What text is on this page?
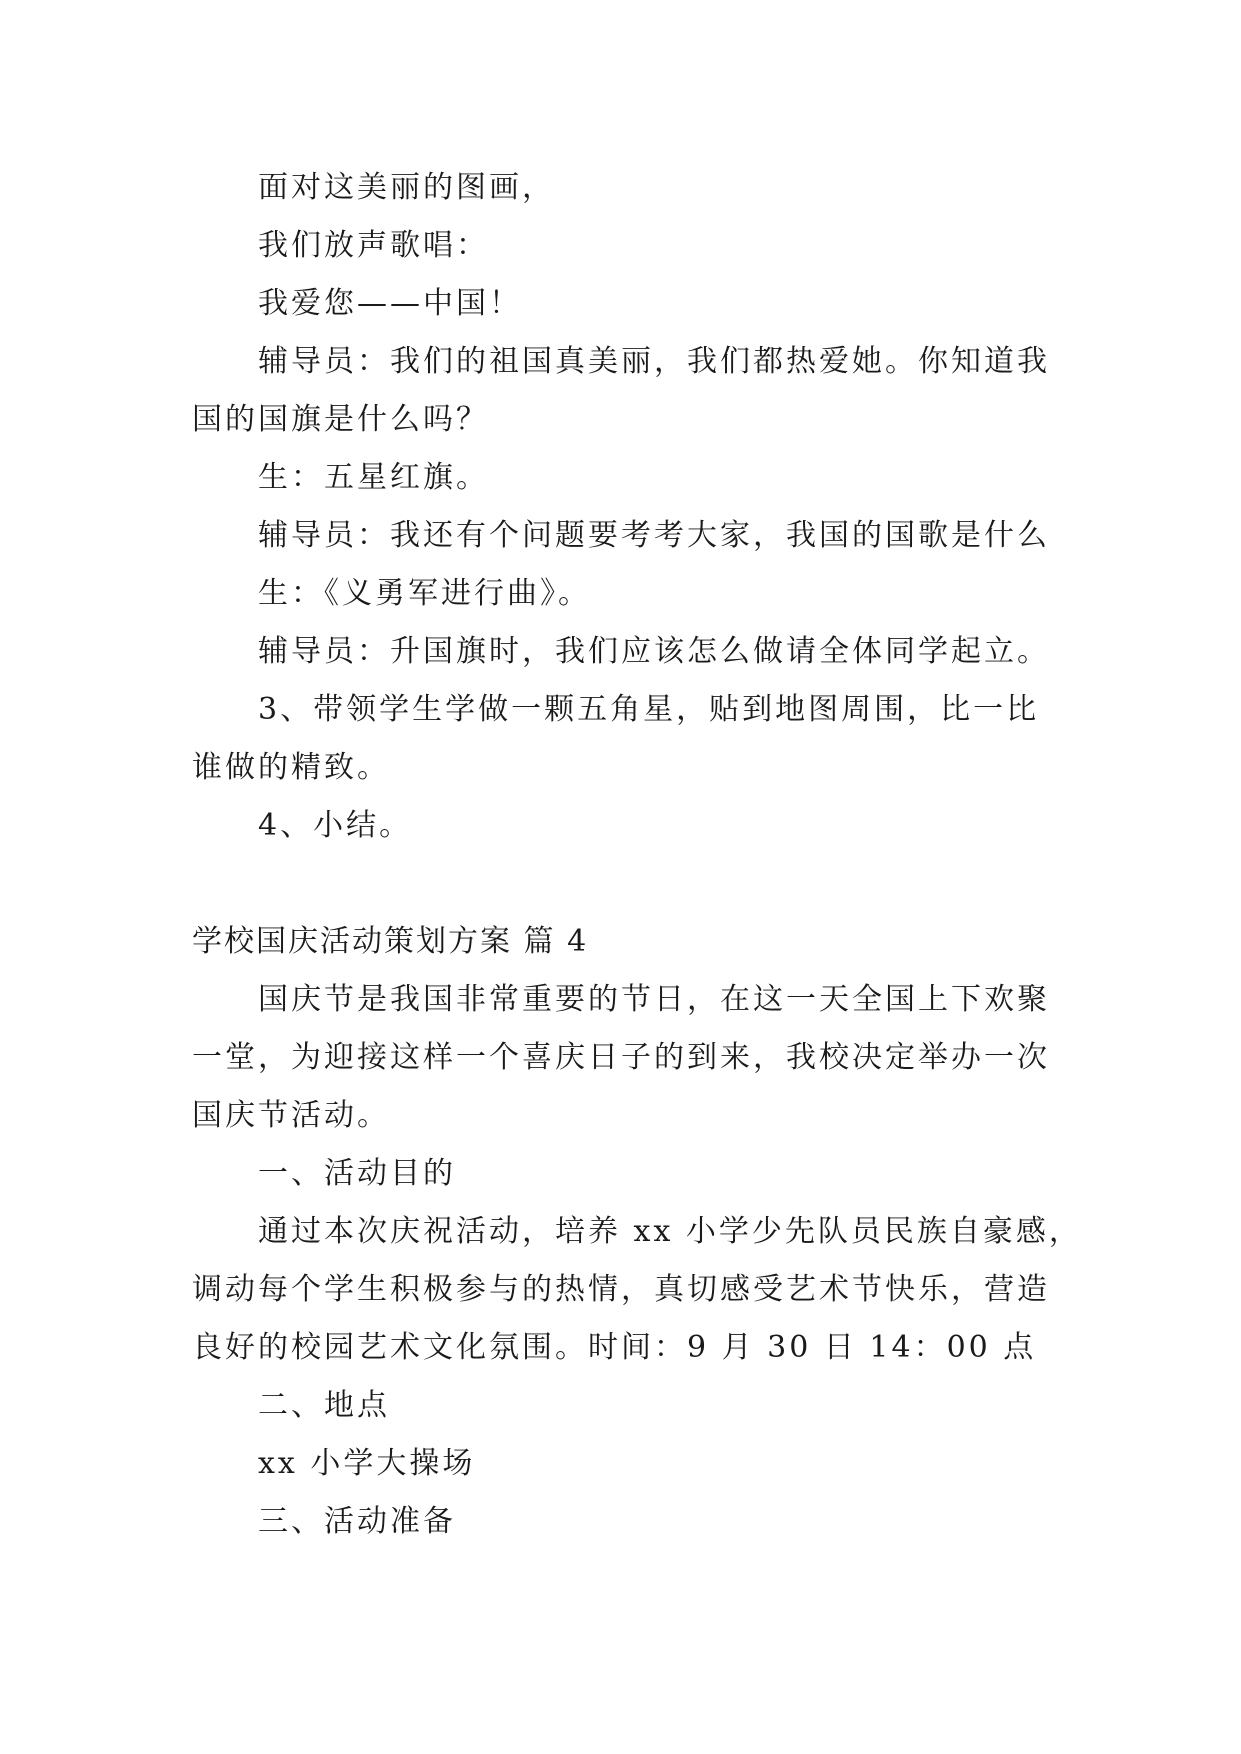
面对这美丽的图画，
我们放声歌唱：
我爱您——中国！
辅导员：我们的祖国真美丽，我们都热爱她。你知道我
国的国旗是什么吗？
生：五星红旗。
辅导员：我还有个问题要考考大家，我国的国歌是什么
生：《义勇军进行曲》。
辅导员：升国旗时，我们应该怎么做请全体同学起立。
3、带领学生学做一颗五角星，贴到地图周围，比一比
谁做的精致。
4、小结。
学校国庆活动策划方案 篇 4
国庆节是我国非常重要的节日，在这一天全国上下欢聚
一堂，为迎接这样一个喜庆日子的到来，我校决定举办一次
国庆节活动。
一、活动目的
通过本次庆祝活动，培养 xx 小学少先队员民族自豪感，
调动每个学生积极参与的热情，真切感受艺术节快乐，营造
良好的校园艺术文化氛围。时间：9 月 30 日 14：00 点
二、地点
xx 小学大操场
三、活动准备
